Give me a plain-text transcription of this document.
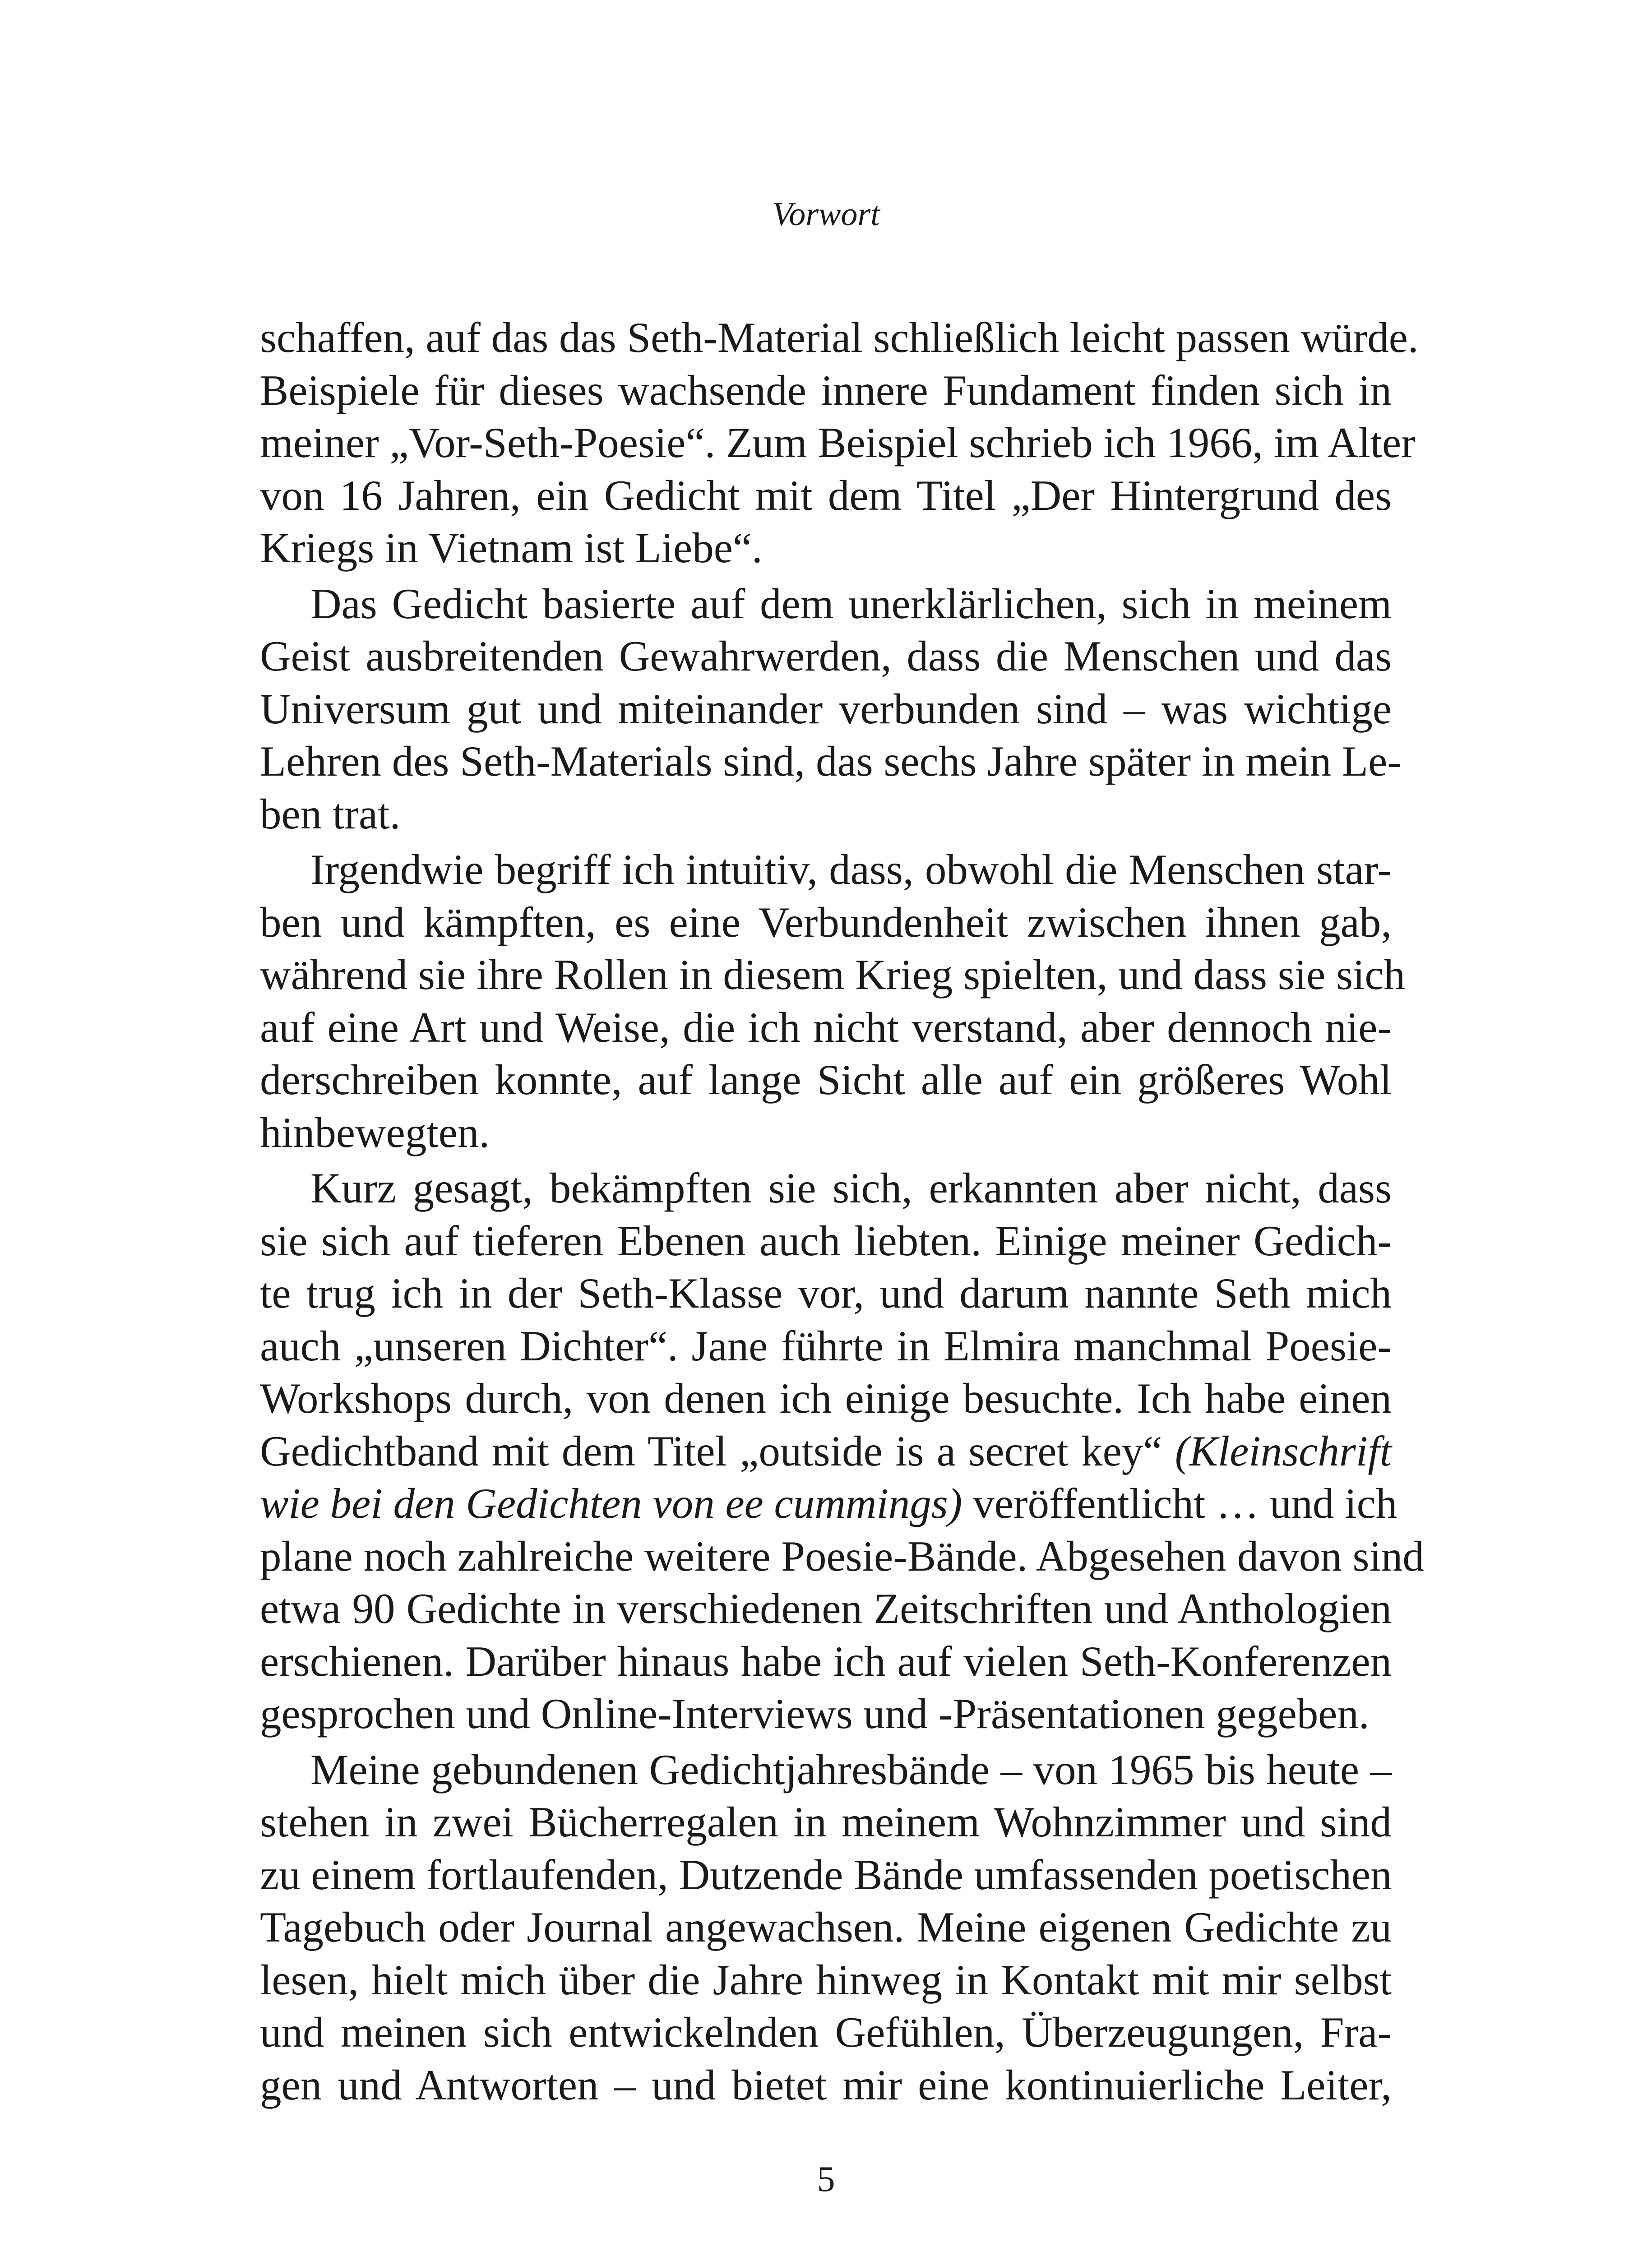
Vorwort
schaffen, auf das das Seth-Material schließlich leicht passen würde.
Beispiele für dieses wachsende innere Fundament finden sich in
meiner „Vor-Seth-Poesie“. Zum Beispiel schrieb ich 1966, im Alter
von 16 Jahren, ein Gedicht mit dem Titel „Der Hintergrund des
Kriegs in Vietnam ist Liebe“.
Das Gedicht basierte auf dem unerklärlichen, sich in meinem
Geist ausbreitenden Gewahrwerden, dass die Menschen und das
Universum gut und miteinander verbunden sind – was wichtige
Lehren des Seth-Materials sind, das sechs Jahre später in mein Le-
ben trat.
Irgendwie begriff ich intuitiv, dass, obwohl die Menschen star-
ben und kämpften, es eine Verbundenheit zwischen ihnen gab,
während sie ihre Rollen in diesem Krieg spielten, und dass sie sich
auf eine Art und Weise, die ich nicht verstand, aber dennoch nie-
derschreiben konnte, auf lange Sicht alle auf ein größeres Wohl
hinbewegten.
Kurz gesagt, bekämpften sie sich, erkannten aber nicht, dass
sie sich auf tieferen Ebenen auch liebten. Einige meiner Gedich-
te trug ich in der Seth-Klasse vor, und darum nannte Seth mich
auch „unseren Dichter“. Jane führte in Elmira manchmal Poesie-
Workshops durch, von denen ich einige besuchte. Ich habe einen
Gedichtband mit dem Titel „outside is a secret key“ (Kleinschrift
wie bei den Gedichten von ee cummings) veröffentlicht … und ich
plane noch zahlreiche weitere Poesie-Bände. Abgesehen davon sind
etwa 90 Gedichte in verschiedenen Zeitschriften und Anthologien
erschienen. Darüber hinaus habe ich auf vielen Seth-Konferenzen
gesprochen und Online-Interviews und -Präsentationen gegeben.
Meine gebundenen Gedichtjahresbände – von 1965 bis heute –
stehen in zwei Bücherregalen in meinem Wohnzimmer und sind
zu einem fortlaufenden, Dutzende Bände umfassenden poetischen
Tagebuch oder Journal angewachsen. Meine eigenen Gedichte zu
lesen, hielt mich über die Jahre hinweg in Kontakt mit mir selbst
und meinen sich entwickelnden Gefühlen, Überzeugungen, Fra-
gen und Antworten – und bietet mir eine kontinuierliche Leiter,
5
